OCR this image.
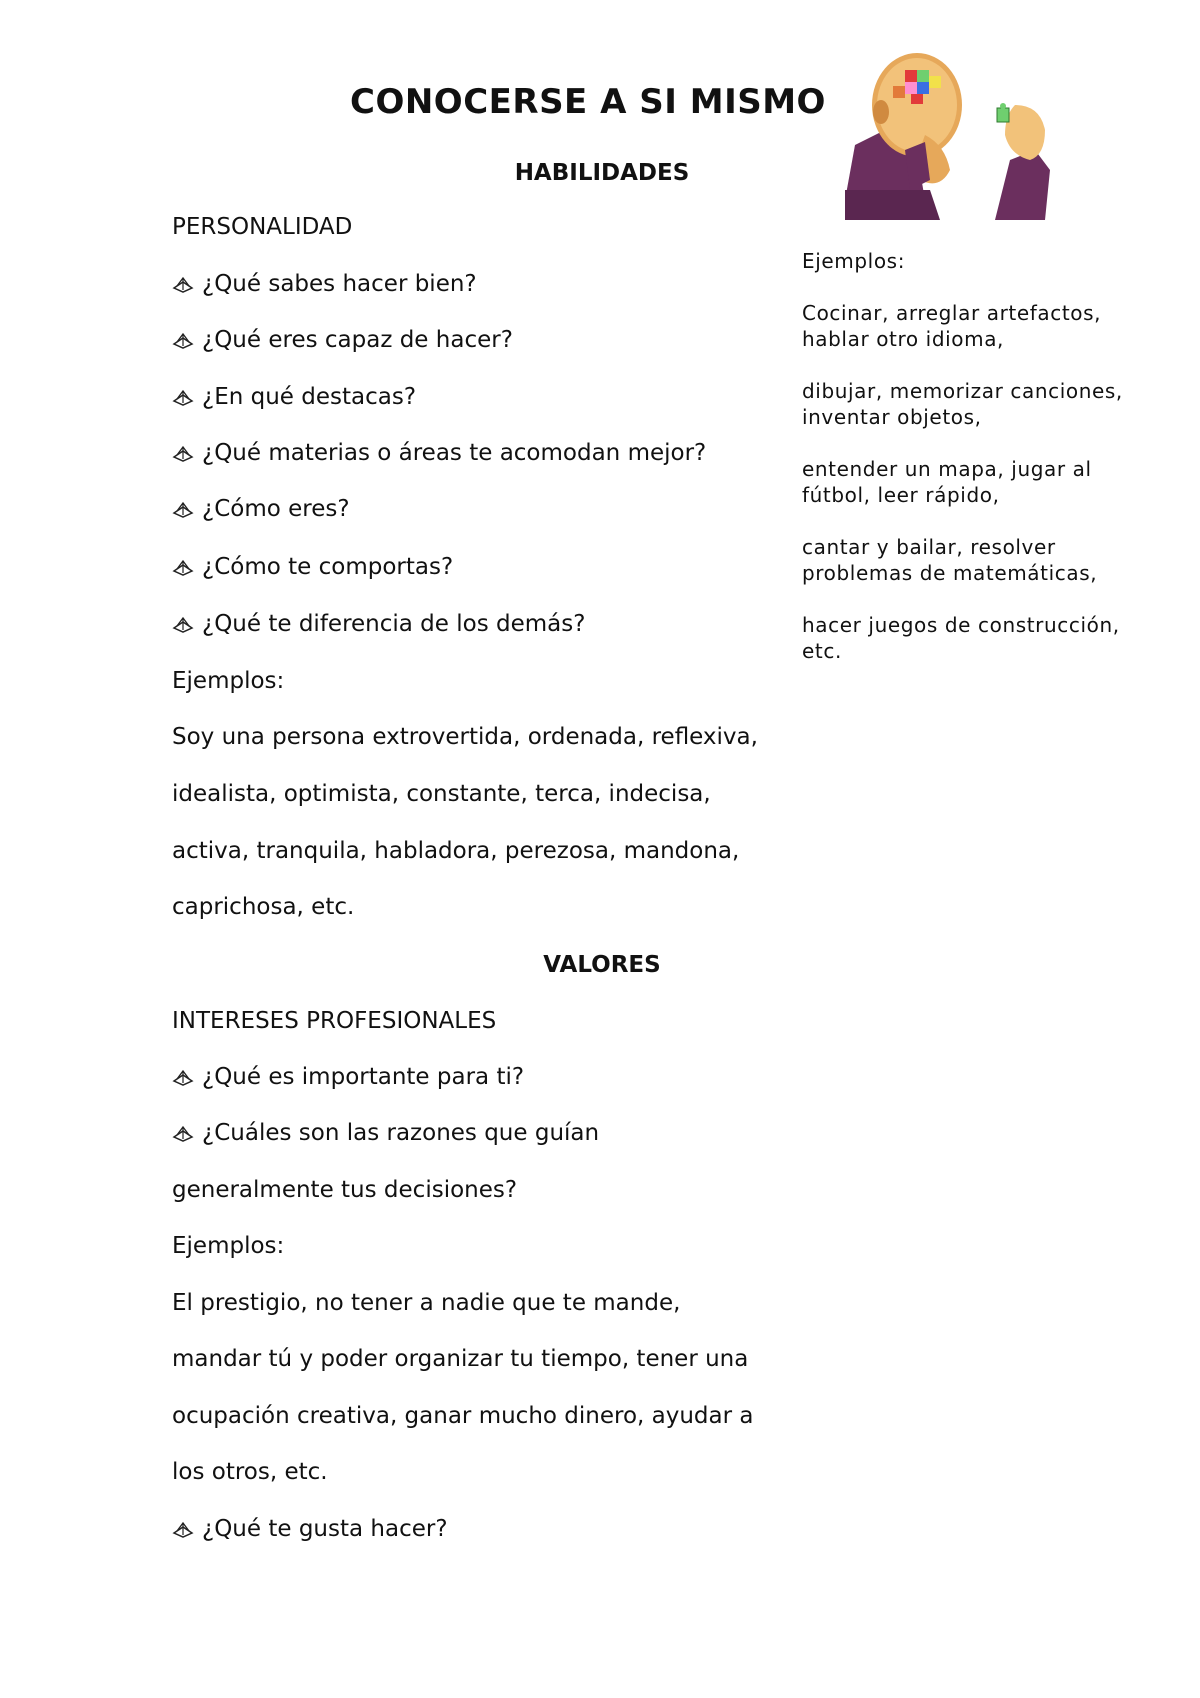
CONOCERSE A SI MISMO
HABILIDADES
PERSONALIDAD
¿Qué sabes hacer bien?
¿Qué eres capaz de hacer?
¿En qué destacas?
¿Qué materias o áreas te acomodan mejor?
¿Cómo eres?
¿Cómo te comportas?
¿Qué te diferencia de los demás?
Ejemplos:
Soy una persona extrovertida, ordenada, reflexiva,
idealista, optimista, constante, terca, indecisa,
activa, tranquila, habladora, perezosa, mandona,
caprichosa, etc.
VALORES
INTERESES PROFESIONALES
¿Qué es importante para ti?
¿Cuáles son las razones que guían
generalmente tus decisiones?
Ejemplos:
El prestigio, no tener a nadie que te mande,
mandar tú y poder organizar tu tiempo, tener una
ocupación creativa, ganar mucho dinero, ayudar a
los otros, etc.
¿Qué te gusta hacer?

Ejemplos:

Cocinar, arreglar artefactos, hablar otro idioma,

dibujar, memorizar canciones, inventar objetos,

entender un mapa, jugar al fútbol, leer rápido,

cantar y bailar, resolver problemas de matemáticas,

hacer juegos de construcción, etc.
